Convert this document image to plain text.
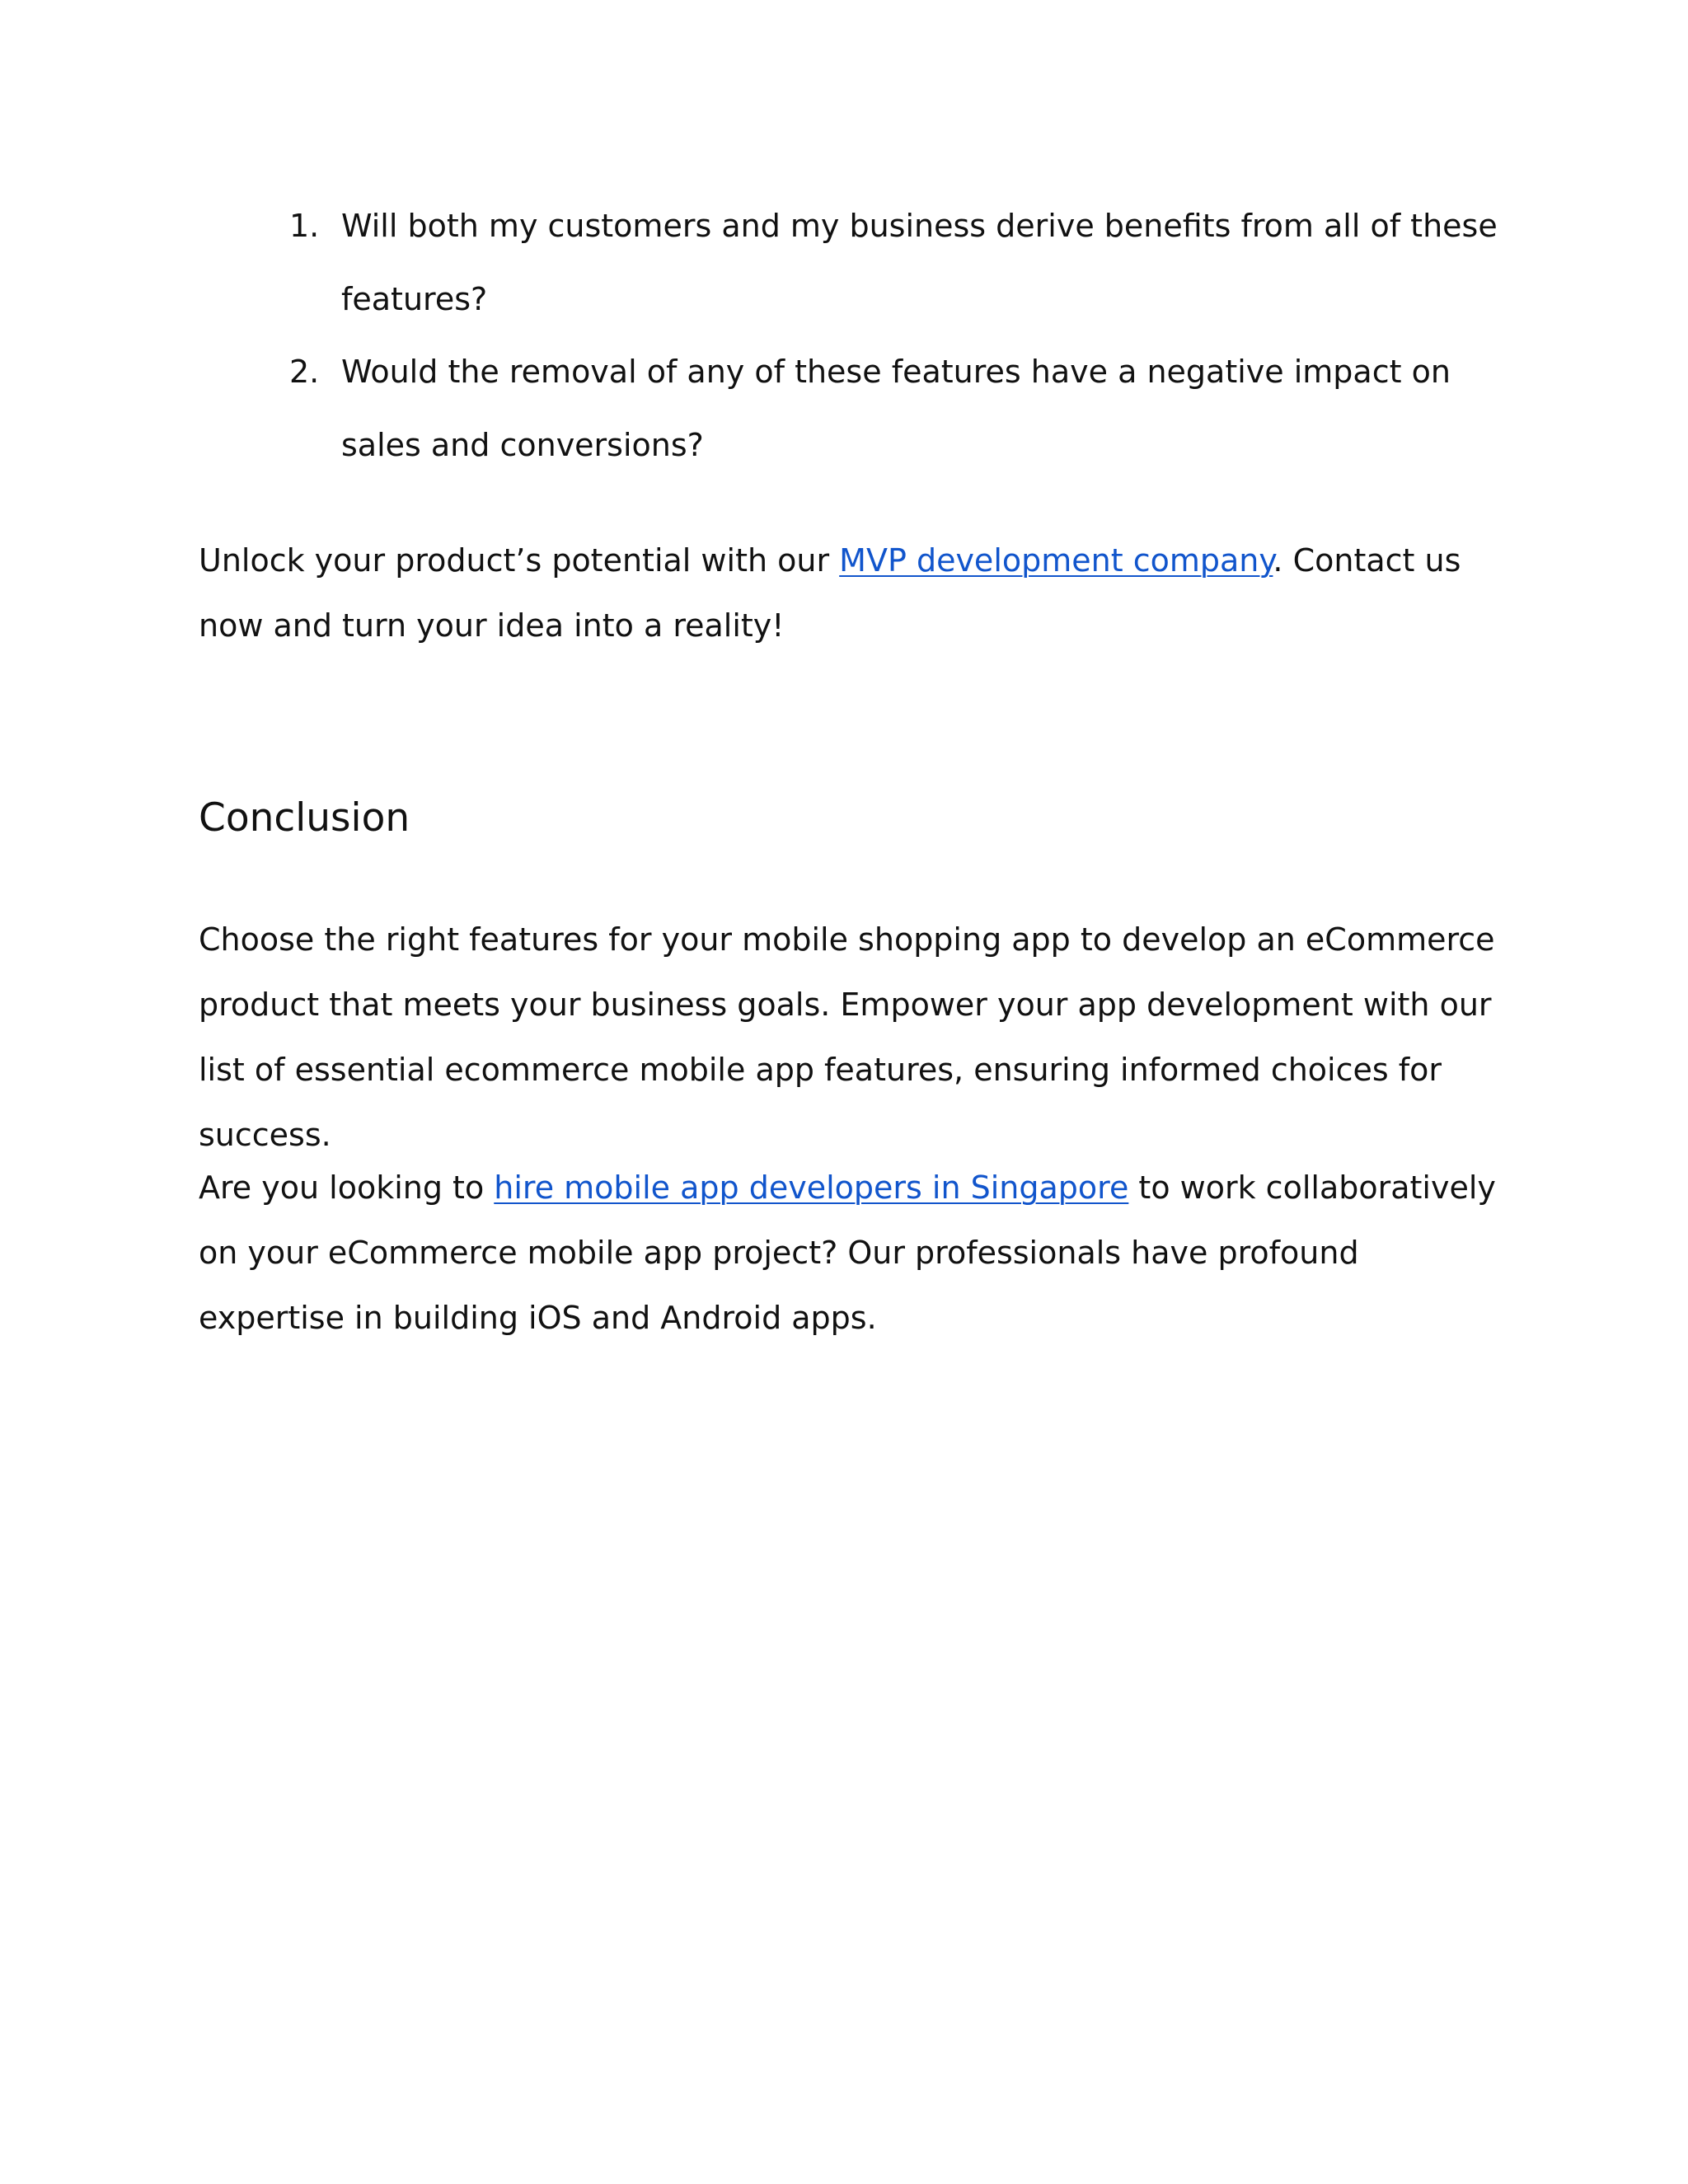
1. Will both my customers and my business derive benefits from all of these features?
2. Would the removal of any of these features have a negative impact on sales and conversions?

Unlock your product’s potential with our MVP development company. Contact us now and turn your idea into a reality!

Conclusion

Choose the right features for your mobile shopping app to develop an eCommerce product that meets your business goals. Empower your app development with our list of essential ecommerce mobile app features, ensuring informed choices for success.

Are you looking to hire mobile app developers in Singapore to work collaboratively on your eCommerce mobile app project? Our professionals have profound expertise in building iOS and Android apps.
